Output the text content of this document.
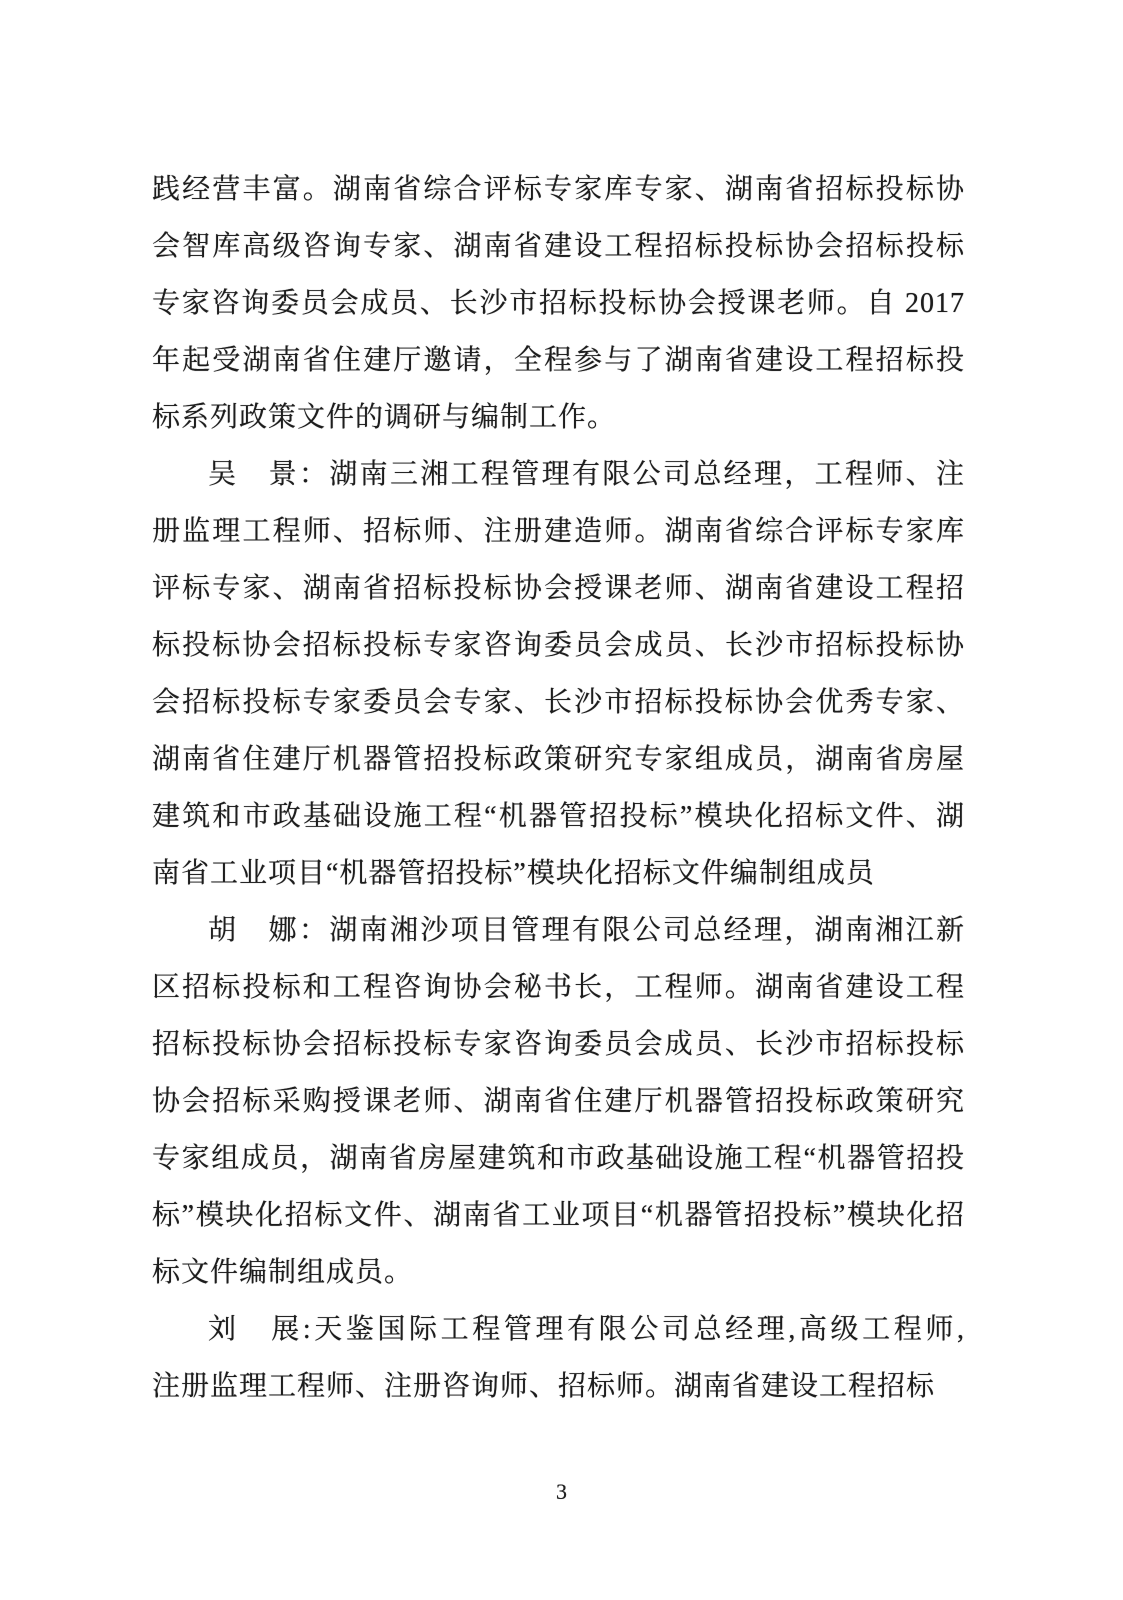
践经营丰富。湖南省综合评标专家库专家、湖南省招标投标协
会智库高级咨询专家、湖南省建设工程招标投标协会招标投标
专家咨询委员会成员、长沙市招标投标协会授课老师。自 2017
年起受湖南省住建厅邀请，全程参与了湖南省建设工程招标投
标系列政策文件的调研与编制工作。
吴　景：湖南三湘工程管理有限公司总经理，工程师、注
册监理工程师、招标师、注册建造师。湖南省综合评标专家库
评标专家、湖南省招标投标协会授课老师、湖南省建设工程招
标投标协会招标投标专家咨询委员会成员、长沙市招标投标协
会招标投标专家委员会专家、长沙市招标投标协会优秀专家、
湖南省住建厅机器管招投标政策研究专家组成员，湖南省房屋
建筑和市政基础设施工程“机器管招投标”模块化招标文件、湖
南省工业项目“机器管招投标”模块化招标文件编制组成员
胡　娜：湖南湘沙项目管理有限公司总经理，湖南湘江新
区招标投标和工程咨询协会秘书长，工程师。湖南省建设工程
招标投标协会招标投标专家咨询委员会成员、长沙市招标投标
协会招标采购授课老师、湖南省住建厅机器管招投标政策研究
专家组成员，湖南省房屋建筑和市政基础设施工程“机器管招投
标”模块化招标文件、湖南省工业项目“机器管招投标”模块化招
标文件编制组成员。
刘　展:天鉴国际工程管理有限公司总经理,高级工程师,
注册监理工程师、注册咨询师、招标师。湖南省建设工程招标
3
